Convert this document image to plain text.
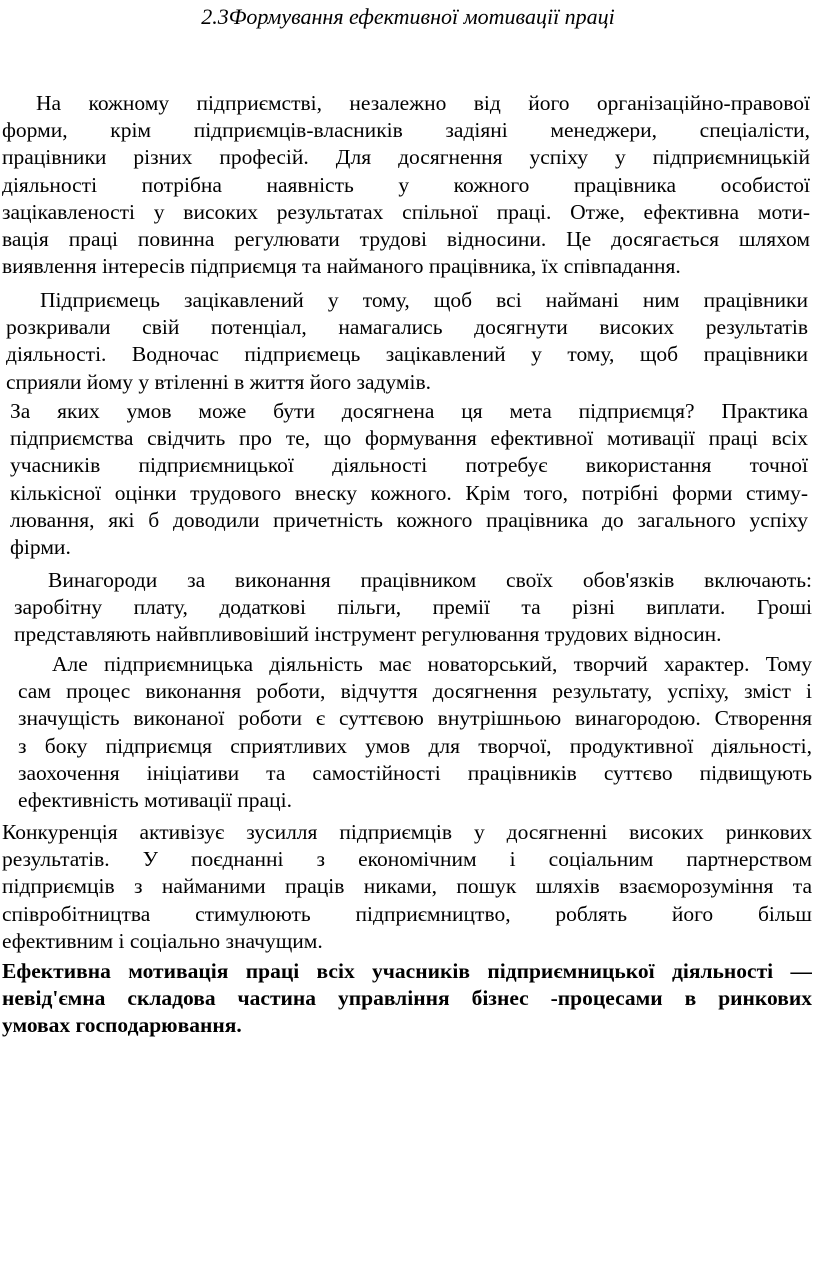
2.3Формування ефективної мотивації праці
На кожному підприємстві, незалежно від його організаційно-правової
форми, крім підприємців-власників задіяні менеджери, спеціалісти,
працівники різних професій. Для досягнення успіху у підприємницькій
діяльності потрібна наявність у кожного працівника особистої
зацікавленості у високих результатах спільної праці. Отже, ефективна моти-
вація праці повинна регулювати трудові відносини. Це досягається шляхом
виявлення інтересів підприємця та найманого працівника, їх співпадання.
Підприємець зацікавлений у тому, щоб всі наймані ним працівники
розкривали свій потенціал, намагались досягнути високих результатів
діяльності. Водночас підприємець зацікавлений у тому, щоб працівники
сприяли йому у втіленні в життя його задумів.
За яких умов може бути досягнена ця мета підприємця? Практика
підприємства свідчить про те, що формування ефективної мотивації праці всіх
учасників підприємницької діяльності потребує використання точної
кількісної оцінки трудового внеску кожного. Крім того, потрібні форми стиму-
лювання, які б доводили причетність кожного працівника до загального успіху
фірми.
Винагороди за виконання працівником своїх обов'язків включають:
заробітну плату, додаткові пільги, премії та різні виплати. Гроші
представляють найвпливовіший інструмент регулювання трудових відносин.
Але підприємницька діяльність має новаторський, творчий характер. Тому
сам процес виконання роботи, відчуття досягнення результату, успіху, зміст і
значущість виконаної роботи є суттєвою внутрішньою винагородою. Створення
з боку підприємця сприятливих умов для творчої, продуктивної діяльності,
заохочення ініціативи та самостійності працівників суттєво підвищують
ефективність мотивації праці.
Конкуренція активізує зусилля підприємців у досягненні високих ринкових
результатів. У поєднанні з економічним і соціальним партнерством
підприємців з найманими праців никами, пошук шляхів взаєморозуміння та
співробітництва стимулюють підприємництво, роблять його більш
ефективним і соціально значущим.
Ефективна мотивація праці всіх учасників підприємницької діяльності —
невід'ємна складова частина управління бізнес -процесами в ринкових
умовах господарювання.
